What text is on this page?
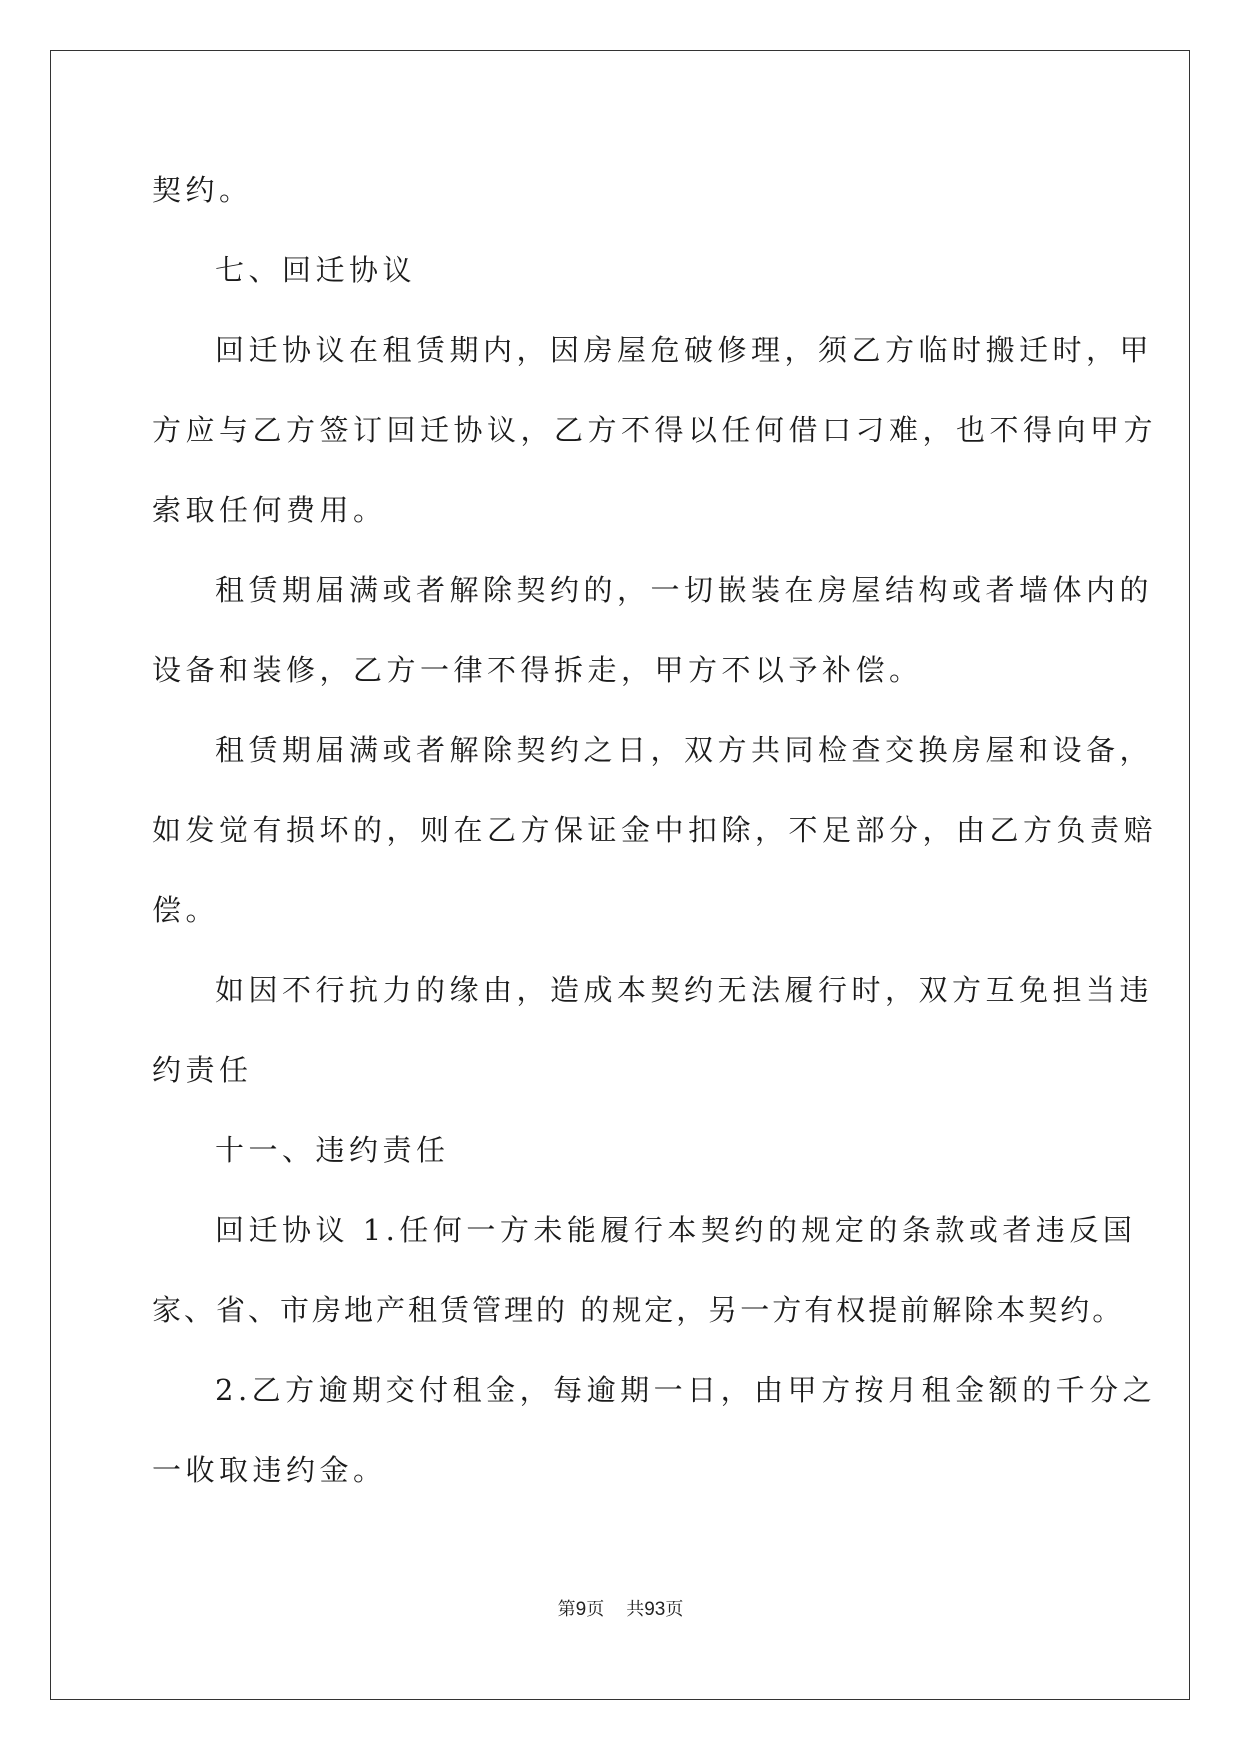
契约。
七、回迁协议
回迁协议在租赁期内，因房屋危破修理，须乙方临时搬迁时，甲
方应与乙方签订回迁协议，乙方不得以任何借口刁难，也不得向甲方
索取任何费用。
租赁期届满或者解除契约的，一切嵌装在房屋结构或者墙体内的
设备和装修，乙方一律不得拆走，甲方不以予补偿。
租赁期届满或者解除契约之日，双方共同检查交换房屋和设备，
如发觉有损坏的，则在乙方保证金中扣除，不足部分，由乙方负责赔
偿。
如因不行抗力的缘由，造成本契约无法履行时，双方互免担当违
约责任
十一、违约责任
回迁协议 1.任何一方未能履行本契约的规定的条款或者违反国
家、省、市房地产租赁管理的 的规定，另一方有权提前解除本契约。
2.乙方逾期交付租金，每逾期一日，由甲方按月租金额的千分之
一收取违约金。
第9页 共93页
